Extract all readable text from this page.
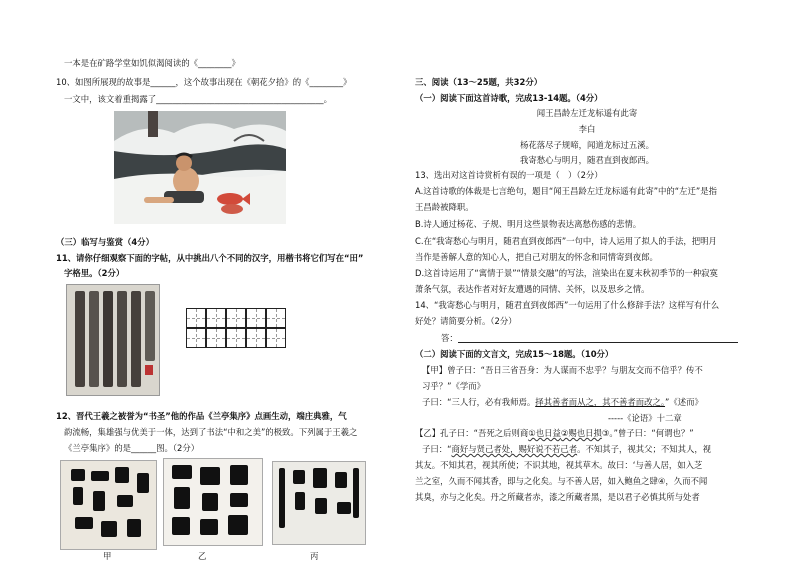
一本是在矿路学堂如饥似渴阅读的《________》
10、如图所展现的故事是______，这个故事出现在《朝花夕拾》的《________》
一文中，该文着重揭露了________________________________________。
（三）临写与鉴赏（4分）
11、请你仔细观察下面的字帖，从中挑出八个不同的汉字，用楷书将它们写在“田”
字格里。（2分）
12、晋代王羲之被誉为“书圣”他的作品《兰亭集序》点画生动，端庄典雅，气
韵流畅，集雄强与优美于一体，达到了书法“中和之美”的极致。下列属于王羲之
《兰亭集序》的是______图。（2分）
甲	乙	丙
三、阅读（13～25题，共32分）
（一）阅读下面这首诗歌，完成13-14题。（4分）
闻王昌龄左迁龙标遥有此寄
李白
杨花落尽子规啼，闻道龙标过五溪。
我寄愁心与明月，随君直到夜郎西。
13、选出对这首诗赏析有误的一项是（　）（2分）
A.这首诗歌的体裁是七言绝句，题目“闻王昌龄左迁龙标遥有此寄”中的“左迁”是指
王昌龄被降职。
B.诗人通过杨花、子规、明月这些景物表达离愁伤感的悲情。
C.在“我寄愁心与明月，随君直到夜郎西”一句中，诗人运用了拟人的手法，把明月
当作是善解人意的知心人，把自己对朋友的怀念和同情寄到夜郎。
D.这首诗运用了“寓情于景”“情景交融”的写法，渲染出在夏末秋初季节的一种寂寞
萧条气氛，表达作者对好友遭遇的同情、关怀，以及思乡之情。
14、“我寄愁心与明月，随君直到夜郎西”一句运用了什么修辞手法？这样写有什么
好处？请简要分析。（2分）
答：
（二）阅读下面的文言文，完成15～18题。（10分）
【甲】曾子曰：“吾日三省吾身：为人谋而不忠乎？与朋友交而不信乎？传不
习乎？”《学而》
子曰：“三人行，必有我师焉。择其善者而从之，其不善者而改之。”《述而》
-----《论语》十二章
【乙】孔子曰：“吾死之后则商①也日益②赐也日损③。”曾子曰：“何谓也？”
子曰：“商好与贤己者处，赐好说不若己者。不知其子，视其父；不知其人，视
其友。不知其君，视其所使；不识其地，视其草木。故曰：‘与善人居，如入芝
兰之室，久而不闻其香，即与之化矣。与不善人居，如入鲍鱼之肆④，久而不闻
其臭，亦与之化矣。丹之所藏者赤，漆之所藏者黑，是以君子必慎其所与处者
